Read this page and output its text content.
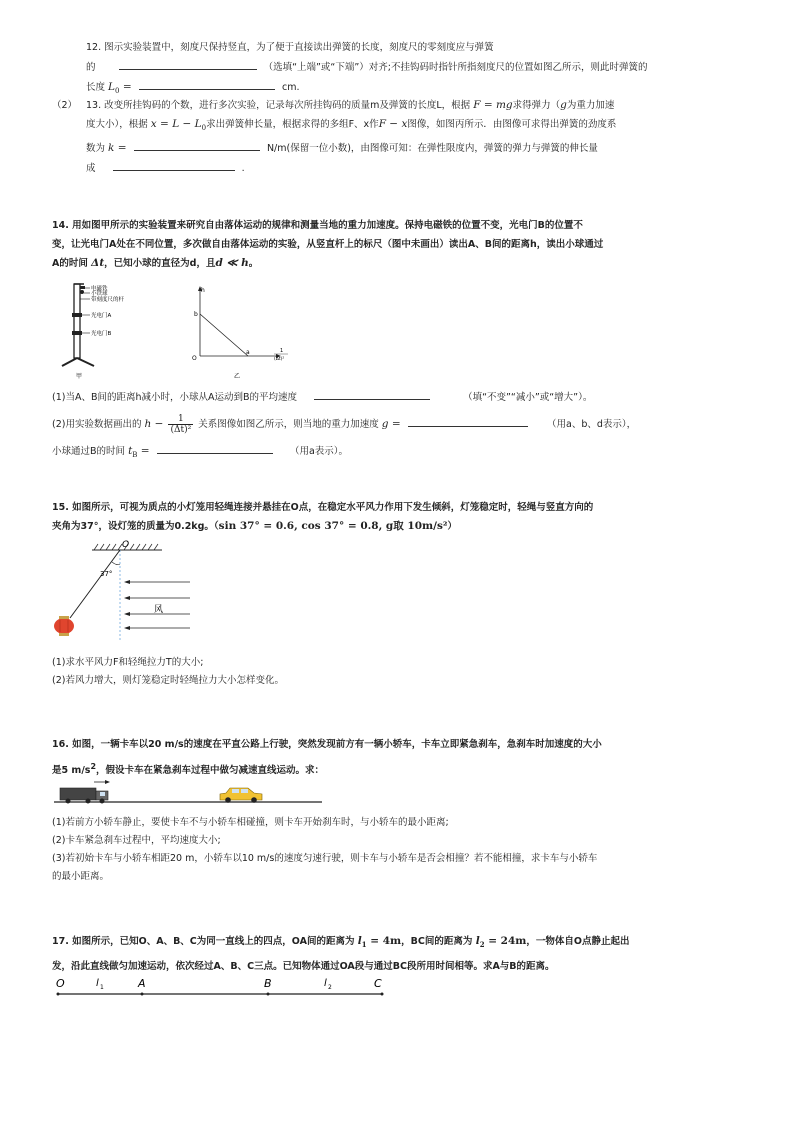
12. 图示实验装置中，刻度尺保持竖直，为了便于直接读出弹簧的长度，刻度尺的零刻度应与弹簧

的	（选填“上端”或“下端”）对齐;不挂钩码时指针所指刻度尺的位置如图乙所示，则此时弹簧的

长度 $L_0$ =	cm.

（2） 13. 改变所挂钩码的个数，进行多次实验，记录每次所挂钩码的质量m及弹簧的长度L，根据 F = mg求得弹力（g为重力加速

度大小），根据 $x = L - L_0$求出弹簧伸长量，根据求得的多组F、x作F − x图像，如图丙所示．由图像可求得出弹簧的劲度系

数为 k =	N/m(保留一位小数)，由图像可知：在弹性限度内，弹簧的弹力与弹簧的伸长量

成	.

14. 用如图甲所示的实验装置来研究自由落体运动的规律和测量当地的重力加速度。保持电磁铁的位置不变，光电门B的位置不

变，让光电门A处在不同位置，多次做自由落体运动的实验，从竖直杆上的标尺（图中未画出）读出A、B间的距离h，读出小球通过

A的时间 Δt，已知小球的直径为d，且d ≪ h。

电磁铁
小铁球
带刻度尺的杆
光电门A
光电门B
甲
h
b
O
a	1
(Δt)²
乙

(1)当A、B间的距离h减小时，小球从A运动到B的平均速度	（填“不变”“减小”或“增大”）。

(2)用实验数据画出的 $h - \frac{1}{\text{(Δt)²}}$ 关系图像如图乙所示，则当地的重力加速度 g =	（用a、b、d表示），

小球通过B的时间 $t_B$ =	（用a表示）。

15. 如图所示，可视为质点的小灯笼用轻绳连接并悬挂在O点，在稳定水平风力作用下发生倾斜，灯笼稳定时，轻绳与竖直方向的

夹角为37°，设灯笼的质量为0.2kg。（sin 37° = 0.6, cos 37° = 0.8, g取 10m/s²）

O
37°
风

(1)求水平风力F和轻绳拉力T的大小;

(2)若风力增大，则灯笼稳定时轻绳拉力大小怎样变化。

16. 如图，一辆卡车以20 m/s的速度在平直公路上行驶，突然发现前方有一辆小轿车，卡车立即紧急刹车，急刹车时加速度的大小

是5 $m/s^2$，假设卡车在紧急刹车过程中做匀减速直线运动。求：

(1)若前方小轿车静止，要使卡车不与小轿车相碰撞，则卡车开始刹车时，与小轿车的最小距离;

(2)卡车紧急刹车过程中，平均速度大小;

(3)若初始卡车与小轿车相距20 m，小轿车以10 m/s的速度匀速行驶，则卡车与小轿车是否会相撞？若不能相撞，求卡车与小轿车

的最小距离。

17. 如图所示，已知O、A、B、C为同一直线上的四点，OA间的距离为 $l_1 = 4m$，BC间的距离为 $l_2 = 24m$，一物体自O点静止起出

发，沿此直线做匀加速运动，依次经过A、B、C三点。已知物体通过OA段与通过BC段所用时间相等。求A与B的距离。

O	A	B	C
l 1	l 2
